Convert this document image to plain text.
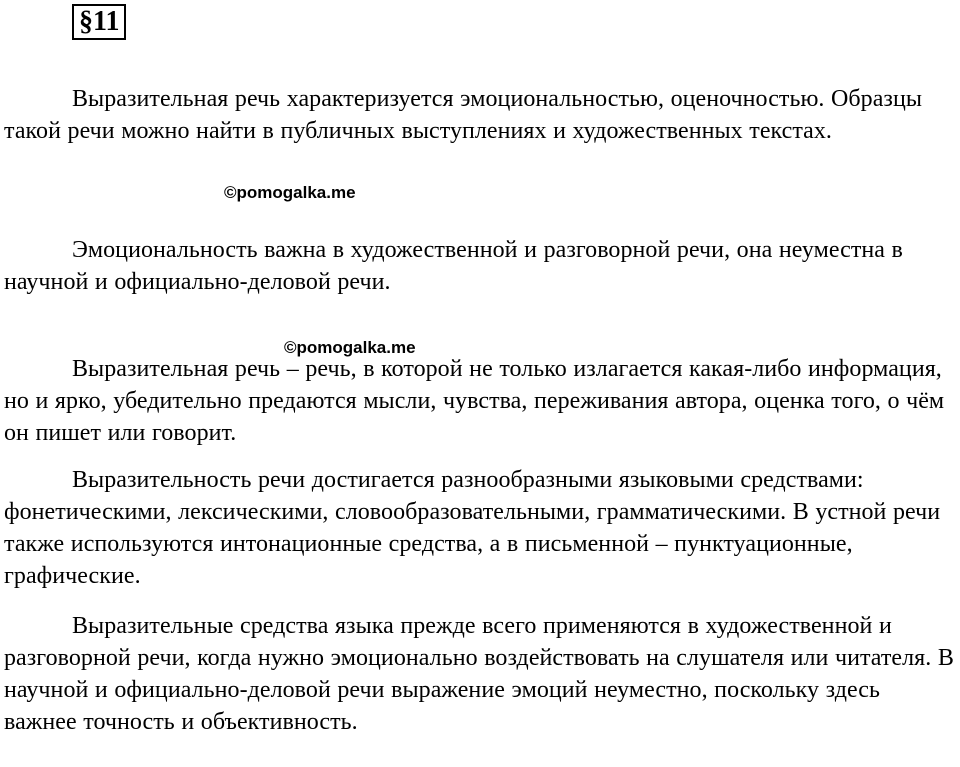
§11

Выразительная речь характеризуется эмоциональностью, оценочностью. Образцы такой речи можно найти в публичных выступлениях и художественных текстах.

©pomogalka.me

Эмоциональность важна в художественной и разговорной речи, она неуместна в научной и официально-деловой речи.

©pomogalka.me

Выразительная речь – речь, в которой не только излагается какая-либо информация, но и ярко, убедительно предаются мысли, чувства, переживания автора, оценка того, о чём он пишет или говорит.

Выразительность речи достигается разнообразными языковыми средствами: фонетическими, лексическими, словообразовательными, грамматическими. В устной речи также используются интонационные средства, а в письменной – пунктуационные, графические.

Выразительные средства языка прежде всего применяются в художественной и разговорной речи, когда нужно эмоционально воздействовать на слушателя или читателя. В научной и официально-деловой речи выражение эмоций неуместно, поскольку здесь важнее точность и объективность.
